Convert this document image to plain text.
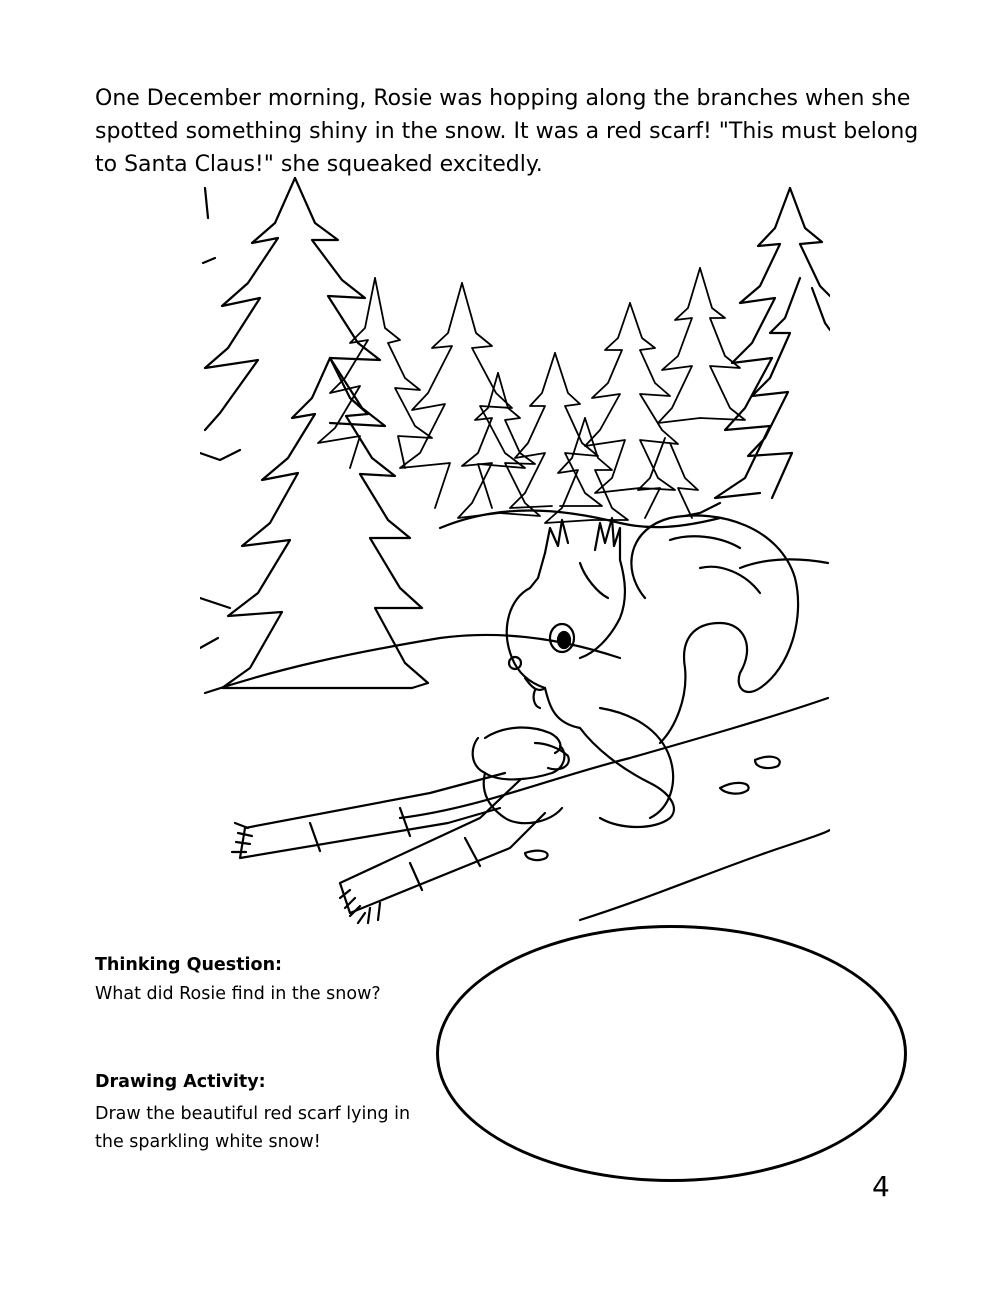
One December morning, Rosie was hopping along the branches when she spotted something shiny in the snow. It was a red scarf! "This must belong to Santa Claus!" she squeaked excitedly.

Thinking Question:
What did Rosie find in the snow?
Drawing Activity:
Draw the beautiful red scarf lying in the sparkling white snow!
4
